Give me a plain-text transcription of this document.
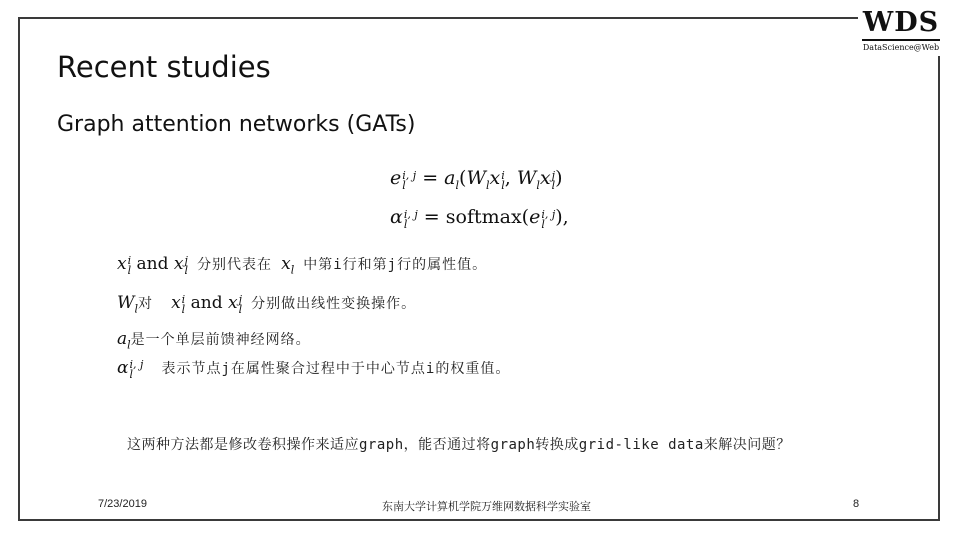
WDS
DataScience@Web
Recent studies
Graph attention networks (GATs)
e i, j
$l = a_l(W_lx$ i
l , $W_lx$ j
l )
α i, j
l = softmax(e i, j
l ),
x i
l and x j
l 分别代表在 $x_l$ 中第i行和第j行的属性值。
$W_l$对 x i
l and x j
l 分别做出线性变换操作。
$a_l$是一个单层前馈神经网络。
α i, j
l	表示节点j在属性聚合过程中于中心节点i的权重值。
这两种方法都是修改卷积操作来适应graph，能否通过将graph转换成grid-like data来解决问题？
7/23/2019	东南大学计算机学院万维网数据科学实验室	8
